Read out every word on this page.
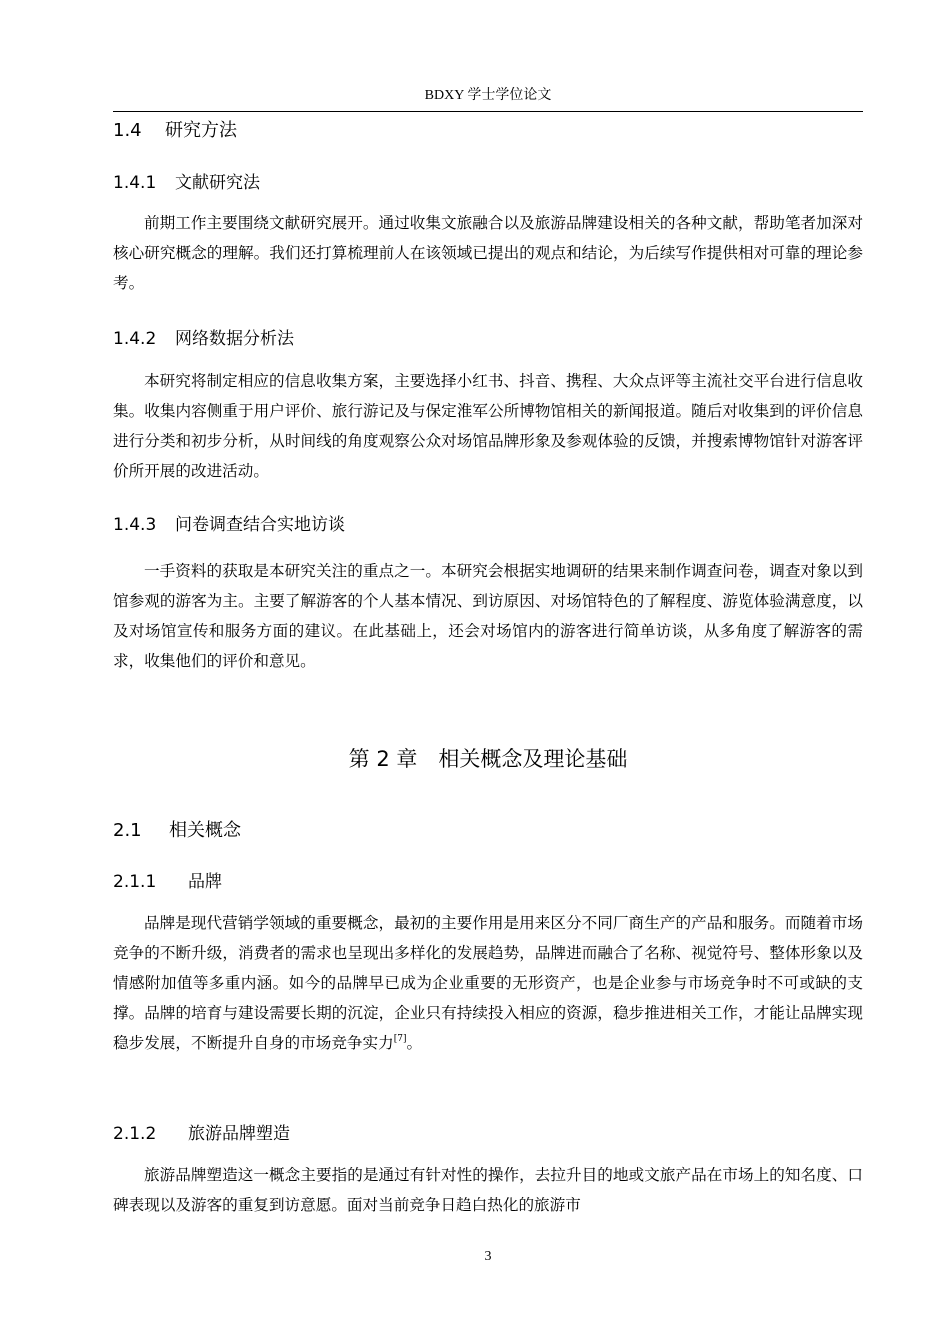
BDXY 学士学位论文
1.4 研究方法
1.4.1 文献研究法

前期工作主要围绕文献研究展开。通过收集文旅融合以及旅游品牌建设相关的各种文献，帮助笔者加深对核心研究概念的理解。我们还打算梳理前人在该领域已提出的观点和结论，为后续写作提供相对可靠的理论参考。

1.4.2 网络数据分析法

本研究将制定相应的信息收集方案，主要选择小红书、抖音、携程、大众点评等主流社交平台进行信息收集。收集内容侧重于用户评价、旅行游记及与保定淮军公所博物馆相关的新闻报道。随后对收集到的评价信息进行分类和初步分析，从时间线的角度观察公众对场馆品牌形象及参观体验的反馈，并搜索博物馆针对游客评价所开展的改进活动。

1.4.3 问卷调查结合实地访谈

一手资料的获取是本研究关注的重点之一。本研究会根据实地调研的结果来制作调查问卷，调查对象以到馆参观的游客为主。主要了解游客的个人基本情况、到访原因、对场馆特色的了解程度、游览体验满意度，以及对场馆宣传和服务方面的建议。在此基础上，还会对场馆内的游客进行简单访谈，从多角度了解游客的需求，收集他们的评价和意见。

第 2 章　相关概念及理论基础
2.1 相关概念
2.1.1 品牌

品牌是现代营销学领域的重要概念，最初的主要作用是用来区分不同厂商生产的产品和服务。而随着市场竞争的不断升级，消费者的需求也呈现出多样化的发展趋势，品牌进而融合了名称、视觉符号、整体形象以及情感附加值等多重内涵。如今的品牌早已成为企业重要的无形资产，也是企业参与市场竞争时不可或缺的支撑。品牌的培育与建设需要长期的沉淀，企业只有持续投入相应的资源，稳步推进相关工作，才能让品牌实现稳步发展，不断提升自身的市场竞争实力[7]。

2.1.2 旅游品牌塑造

旅游品牌塑造这一概念主要指的是通过有针对性的操作，去拉升目的地或文旅产品在市场上的知名度、口碑表现以及游客的重复到访意愿。面对当前竞争日趋白热化的旅游市

3
